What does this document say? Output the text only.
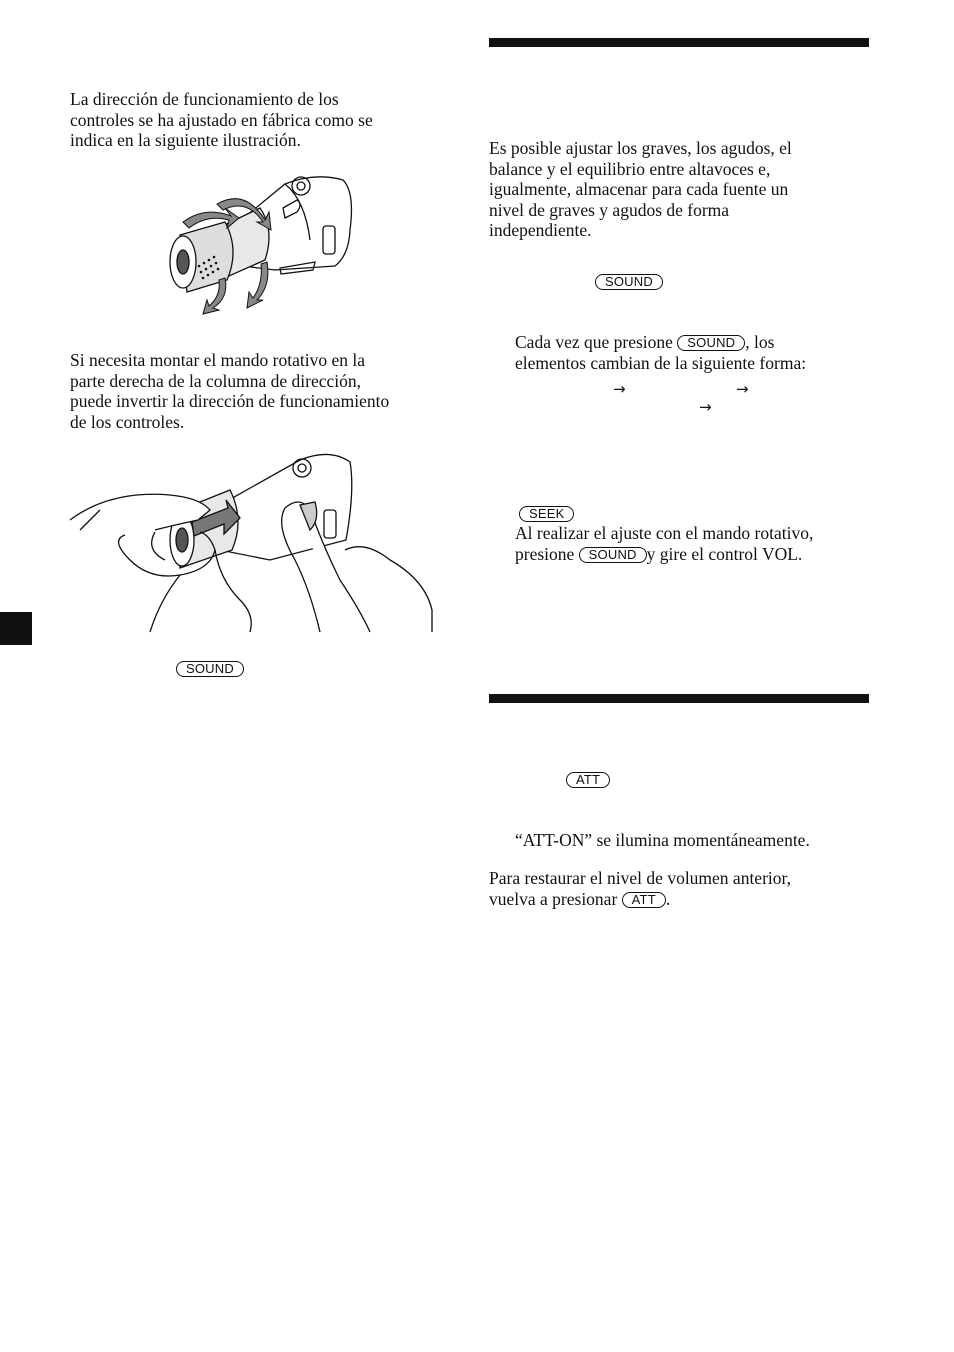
La dirección de funcionamiento de los
controles se ha ajustado en fábrica como se
indica en la siguiente ilustración.
Si necesita montar el mando rotativo en la
parte derecha de la columna de dirección,
puede invertir la dirección de funcionamiento
de los controles.
SOUND
Es posible ajustar los graves, los agudos, el
balance y el equilibrio entre altavoces e,
igualmente, almacenar para cada fuente un
nivel de graves y agudos de forma
independiente.
SOUND
Cada vez que presione SOUND , los
elementos cambian de la siguiente forma:
→	→
→
SEEK
Al realizar el ajuste con el mando rotativo,
presione SOUND y gire el control VOL.
ATT
“ATT-ON” se ilumina momentáneamente.
Para restaurar el nivel de volumen anterior,
vuelva a presionar ATT .
